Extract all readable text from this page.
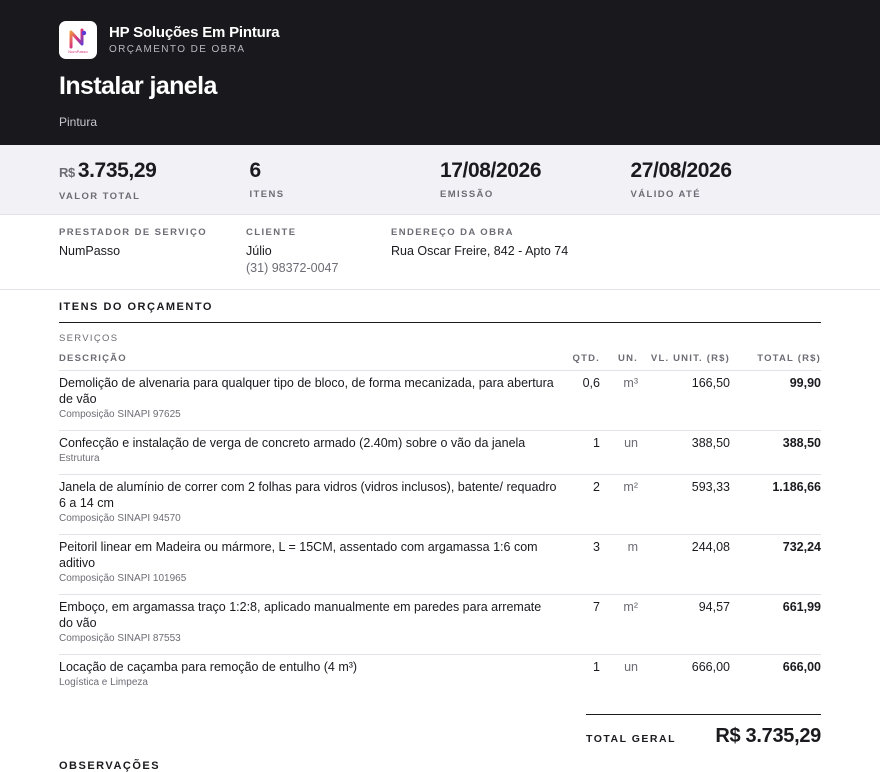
NumPasso
HP Soluções Em Pintura
ORÇAMENTO DE OBRA
Instalar janela
Pintura
R$ 3.735,29
VALOR TOTAL
6
ITENS
17/08/2026
EMISSÃO
27/08/2026
VÁLIDO ATÉ
PRESTADOR DE SERVIÇO
NumPasso
CLIENTE
Júlio
(31) 98372-0047
ENDEREÇO DA OBRA
Rua Oscar Freire, 842 - Apto 74
ITENS DO ORÇAMENTO
SERVIÇOS
DESCRIÇÃO	QTD.	UN.	VL. UNIT. (R$)	TOTAL (R$)
Demolição de alvenaria para qualquer tipo de bloco, de forma mecanizada, para abertura de vão
Composição SINAPI 97625
0,6	m³	166,50	99,90
Confecção e instalação de verga de concreto armado (2.40m) sobre o vão da janela
Estrutura
1	un	388,50	388,50
Janela de alumínio de correr com 2 folhas para vidros (vidros inclusos), batente/ requadro 6 a 14 cm
Composição SINAPI 94570
2	m²	593,33	1.186,66
Peitoril linear em Madeira ou mármore, L = 15CM, assentado com argamassa 1:6 com aditivo
Composição SINAPI 101965
3	m	244,08	732,24
Emboço, em argamassa traço 1:2:8, aplicado manualmente em paredes para arremate do vão
Composição SINAPI 87553
7	m²	94,57	661,99
Locação de caçamba para remoção de entulho (4 m³)
Logística e Limpeza
1	un	666,00	666,00
TOTAL GERAL R$ 3.735,29
OBSERVAÇÕES
